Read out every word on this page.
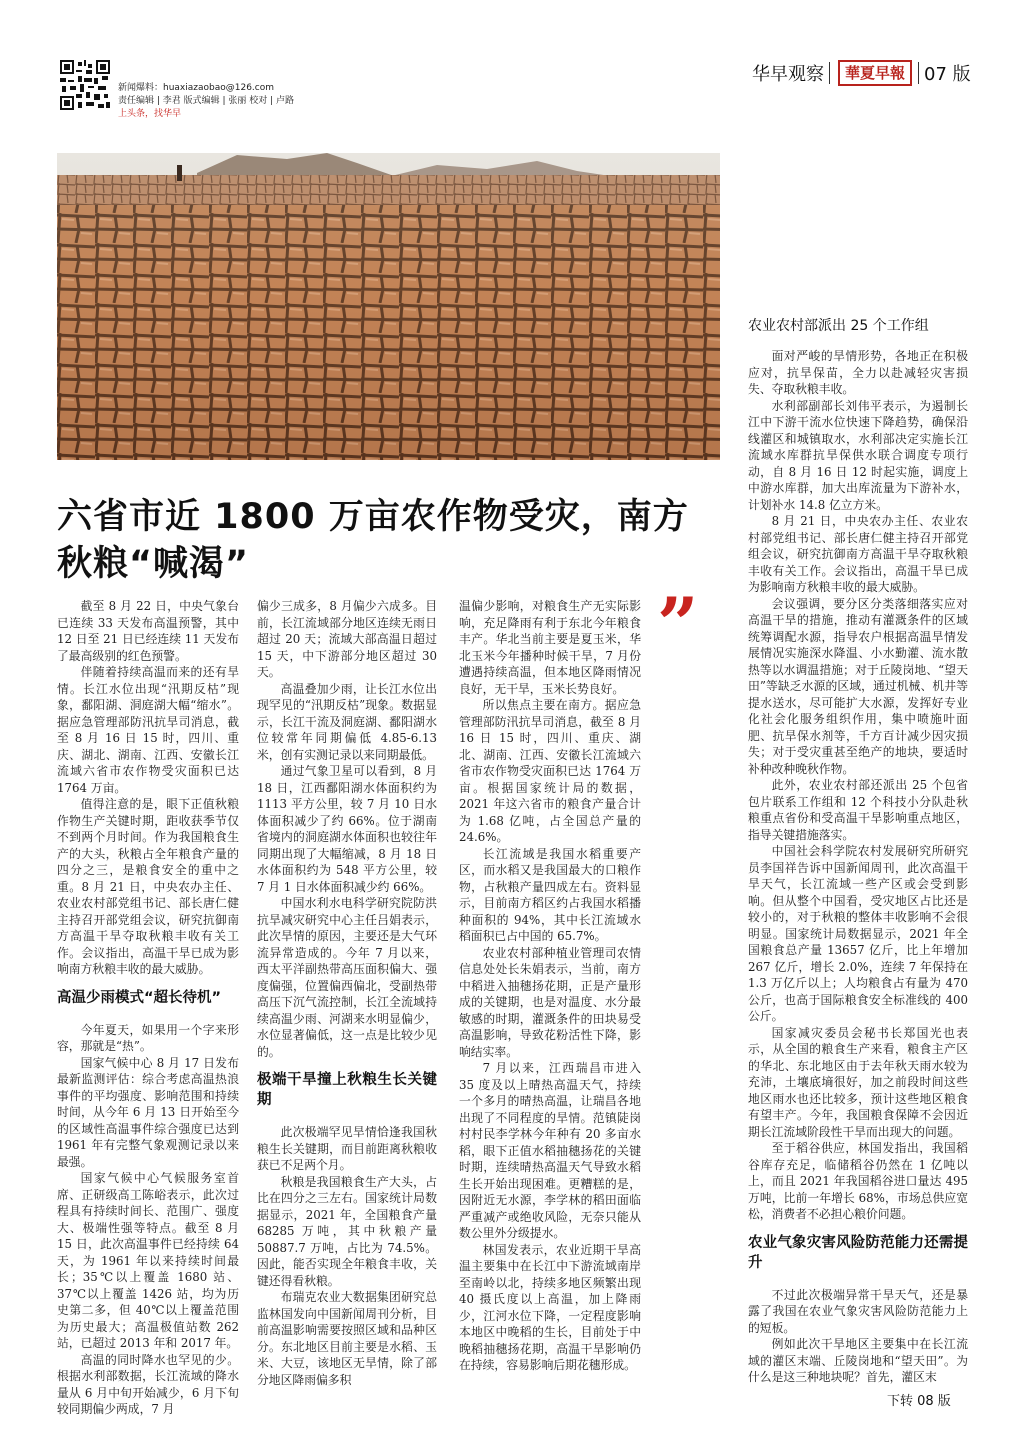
新闻爆料：huaxiazaobao@126.com
责任编辑 | 李君 版式编辑 | 张丽 校对 | 卢路
上头条，找华早
华早观察	華夏早報	07 版
六省市近 1800 万亩农作物受灾，南方秋粮“喊渴”
”

截至 8 月 22 日，中央气象台已连续 33 天发布高温预警，其中 12 日至 21 日已经连续 11 天发布了最高级别的红色预警。

伴随着持续高温而来的还有旱情。长江水位出现“汛期反枯”现象，鄱阳湖、洞庭湖大幅“缩水”。据应急管理部防汛抗旱司消息，截至 8 月 16 日 15 时，四川、重庆、湖北、湖南、江西、安徽长江流域六省市农作物受灾面积已达 1764 万亩。

值得注意的是，眼下正值秋粮作物生产关键时期，距收获季节仅不到两个月时间。作为我国粮食生产的大头，秋粮占全年粮食产量的四分之三，是粮食安全的重中之重。8 月 21 日，中央农办主任、农业农村部党组书记、部长唐仁健主持召开部党组会议，研究抗御南方高温干旱夺取秋粮丰收有关工作。会议指出，高温干旱已成为影响南方秋粮丰收的最大威胁。

高温少雨模式“超长待机”

今年夏天，如果用一个字来形容，那就是“热”。

国家气候中心 8 月 17 日发布最新监测评估：综合考虑高温热浪事件的平均强度、影响范围和持续时间，从今年 6 月 13 日开始至今的区域性高温事件综合强度已达到 1961 年有完整气象观测记录以来最强。

国家气候中心气候服务室首席、正研级高工陈峪表示，此次过程具有持续时间长、范围广、强度大、极端性强等特点。截至 8 月 15 日，此次高温事件已经持续 64 天，为 1961 年以来持续时间最长；35℃以上覆盖 1680 站、37℃以上覆盖 1426 站，均为历史第二多，但 40℃以上覆盖范围为历史最大；高温极值站数 262 站，已超过 2013 年和 2017 年。

高温的同时降水也罕见的少。根据水利部数据，长江流域的降水量从 6 月中旬开始减少，6 月下旬较同期偏少两成，7 月

偏少三成多，8 月偏少六成多。目前，长江流域部分地区连续无雨日超过 20 天；流域大部高温日超过 15 天，中下游部分地区超过 30 天。

高温叠加少雨，让长江水位出现罕见的“汛期反枯”现象。数据显示，长江干流及洞庭湖、鄱阳湖水位较常年同期偏低 4.85-6.13 米，创有实测记录以来同期最低。

通过气象卫星可以看到，8 月 18 日，江西鄱阳湖水体面积约为 1113 平方公里，较 7 月 10 日水体面积减少了约 66%。位于湖南省境内的洞庭湖水体面积也较往年同期出现了大幅缩减，8 月 18 日水体面积约为 548 平方公里，较 7 月 1 日水体面积减少约 66%。

中国水利水电科学研究院防洪抗旱减灾研究中心主任吕娟表示，此次旱情的原因，主要还是大气环流异常造成的。今年 7 月以来，西太平洋副热带高压面积偏大、强度偏强，位置偏西偏北，受副热带高压下沉气流控制，长江全流域持续高温少雨、河湖来水明显偏少，水位显著偏低，这一点是比较少见的。

极端干旱撞上秋粮生长关键期

此次极端罕见旱情恰逢我国秋粮生长关键期，而目前距离秋粮收获已不足两个月。

秋粮是我国粮食生产大头，占比在四分之三左右。国家统计局数据显示，2021 年，全国粮食产量 68285 万吨，其中秋粮产量 50887.7 万吨，占比为 74.5%。因此，能否实现全年粮食丰收，关键还得看秋粮。

布瑞克农业大数据集团研究总监林国发向中国新闻周刊分析，目前高温影响需要按照区域和品种区分。东北地区目前主要是水稻、玉米、大豆，该地区无旱情，除了部分地区降雨偏多积

温偏少影响，对粮食生产无实际影响，充足降雨有利于东北今年粮食丰产。华北当前主要是夏玉米，华北玉米今年播种时候干旱，7 月份遭遇持续高温，但本地区降雨情况良好，无干旱，玉米长势良好。

所以焦点主要在南方。据应急管理部防汛抗旱司消息，截至 8 月 16 日 15 时，四川、重庆、湖北、湖南、江西、安徽长江流域六省市农作物受灾面积已达 1764 万亩。根据国家统计局的数据，2021 年这六省市的粮食产量合计为 1.68 亿吨，占全国总产量的 24.6%。

长江流域是我国水稻重要产区，而水稻又是我国最大的口粮作物，占秋粮产量四成左右。资料显示，目前南方稻区约占我国水稻播种面积的 94%，其中长江流域水稻面积已占中国的 65.7%。

农业农村部种植业管理司农情信息处处长朱娟表示，当前，南方中稻进入抽穗扬花期，正是产量形成的关键期，也是对温度、水分最敏感的时期，灌溉条件的田块易受高温影响，导致花粉活性下降，影响结实率。

7 月以来，江西瑞昌市进入 35 度及以上晴热高温天气，持续一个多月的晴热高温，让瑞昌各地出现了不同程度的旱情。范镇陡岗村村民李学林今年种有 20 多亩水稻，眼下正值水稻抽穗扬花的关键时期，连续晴热高温天气导致水稻生长开始出现困难。更糟糕的是，因附近无水源，李学林的稻田面临严重减产或绝收风险，无奈只能从数公里外分级提水。

林国发表示，农业近期干旱高温主要集中在长江中下游流域南岸至南岭以北，持续多地区频繁出现 40 摄氏度以上高温，加上降雨少，江河水位下降，一定程度影响本地区中晚稻的生长，目前处于中晚稻抽穗扬花期，高温干旱影响仍在持续，容易影响后期花穗形成。

农业农村部派出 25 个工作组

面对严峻的旱情形势，各地正在积极应对，抗旱保苗，全力以赴减轻灾害损失、夺取秋粮丰收。

水利部副部长刘伟平表示，为遏制长江中下游干流水位快速下降趋势，确保沿线灌区和城镇取水，水利部决定实施长江流域水库群抗旱保供水联合调度专项行动，自 8 月 16 日 12 时起实施，调度上中游水库群，加大出库流量为下游补水，计划补水 14.8 亿立方米。

8 月 21 日，中央农办主任、农业农村部党组书记、部长唐仁健主持召开部党组会议，研究抗御南方高温干旱夺取秋粮丰收有关工作。会议指出，高温干旱已成为影响南方秋粮丰收的最大威胁。

会议强调，要分区分类落细落实应对高温干旱的措施，推动有灌溉条件的区域统筹调配水源，指导农户根据高温旱情发展情况实施深水降温、小水勤灌、流水散热等以水调温措施；对于丘陵岗地、“望天田”等缺乏水源的区域，通过机械、机井等提水送水，尽可能扩大水源，发挥好专业化社会化服务组织作用，集中喷施叶面肥、抗旱保水剂等，千方百计减少因灾损失；对于受灾重甚至绝产的地块，要适时补种改种晚秋作物。

此外，农业农村部还派出 25 个包省包片联系工作组和 12 个科技小分队赴秋粮重点省份和受高温干旱影响重点地区，指导关键措施落实。

中国社会科学院农村发展研究所研究员李国祥告诉中国新闻周刊，此次高温干旱天气，长江流域一些产区或会受到影响。但从整个中国看，受灾地区占比还是较小的，对于秋粮的整体丰收影响不会很明显。国家统计局数据显示，2021 年全国粮食总产量 13657 亿斤，比上年增加 267 亿斤，增长 2.0%，连续 7 年保持在 1.3 万亿斤以上；人均粮食占有量为 470 公斤，也高于国际粮食安全标准线的 400 公斤。

国家减灾委员会秘书长郑国光也表示，从全国的粮食生产来看，粮食主产区的华北、东北地区由于去年秋天雨水较为充沛，土壤底墒很好，加之前段时间这些地区雨水也还比较多，预计这些地区粮食有望丰产。今年，我国粮食保障不会因近期长江流域阶段性干旱而出现大的问题。

至于稻谷供应，林国发指出，我国稻谷库存充足，临储稻谷仍然在 1 亿吨以上，而且 2021 年我国稻谷进口量达 495 万吨，比前一年增长 68%，市场总供应宽松，消费者不必担心粮价问题。

农业气象灾害风险防范能力还需提升

不过此次极端异常干旱天气，还是暴露了我国在农业气象灾害风险防范能力上的短板。

例如此次干旱地区主要集中在长江流域的灌区末端、丘陵岗地和“望天田”。为什么是这三种地块呢？首先，灌区末

下转 08 版
